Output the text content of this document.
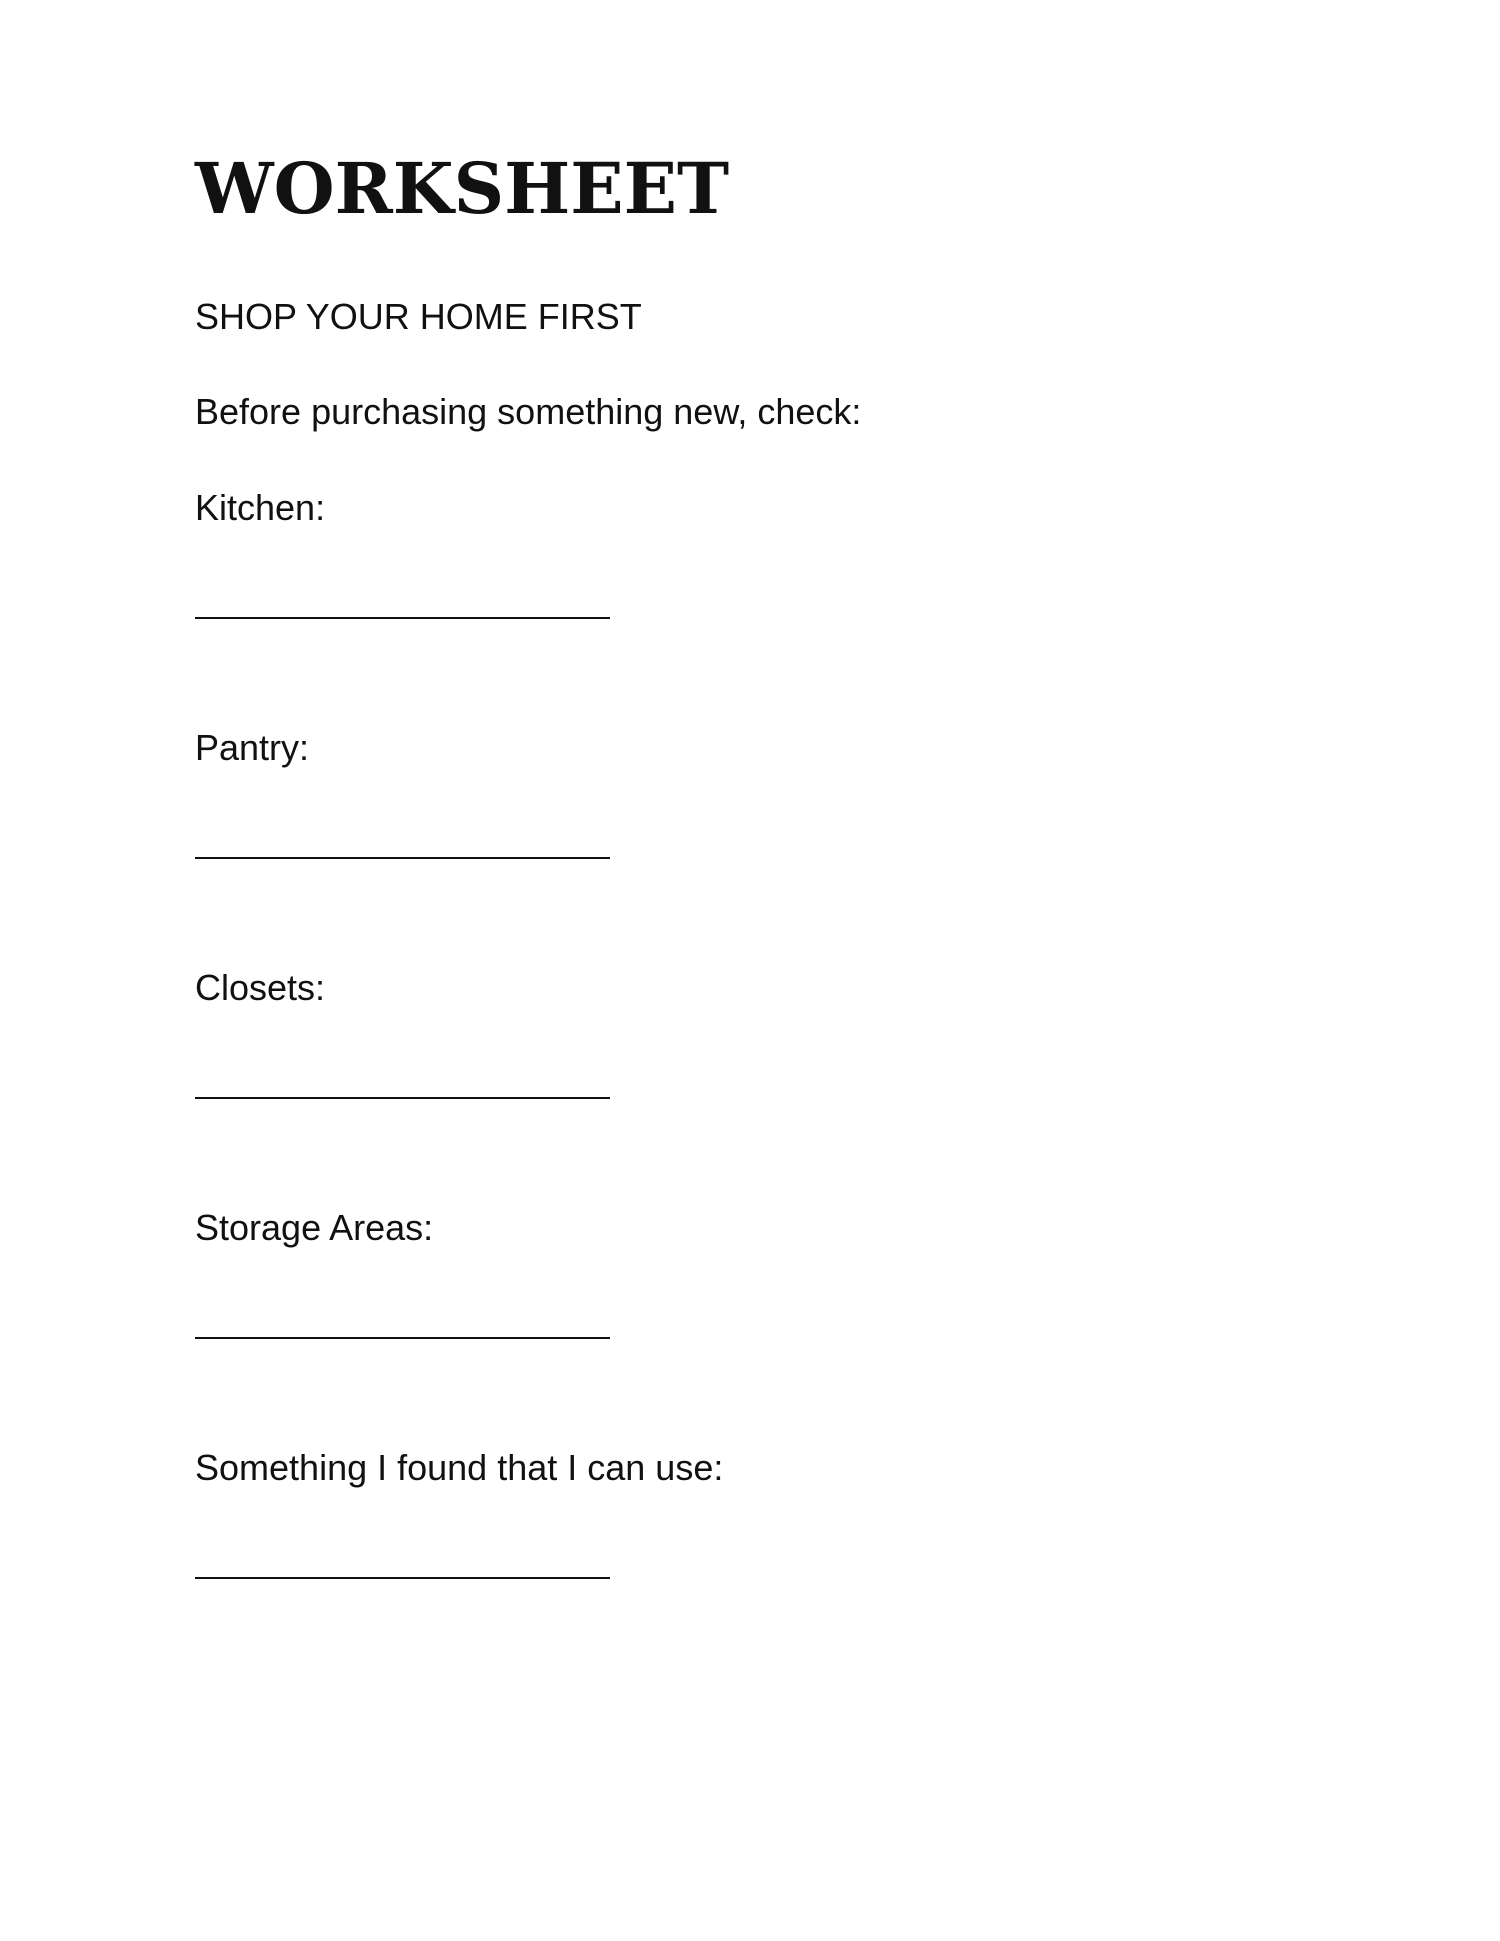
WORKSHEET
SHOP YOUR HOME FIRST
Before purchasing something new, check:
Kitchen:
Pantry:
Closets:
Storage Areas:
Something I found that I can use:
